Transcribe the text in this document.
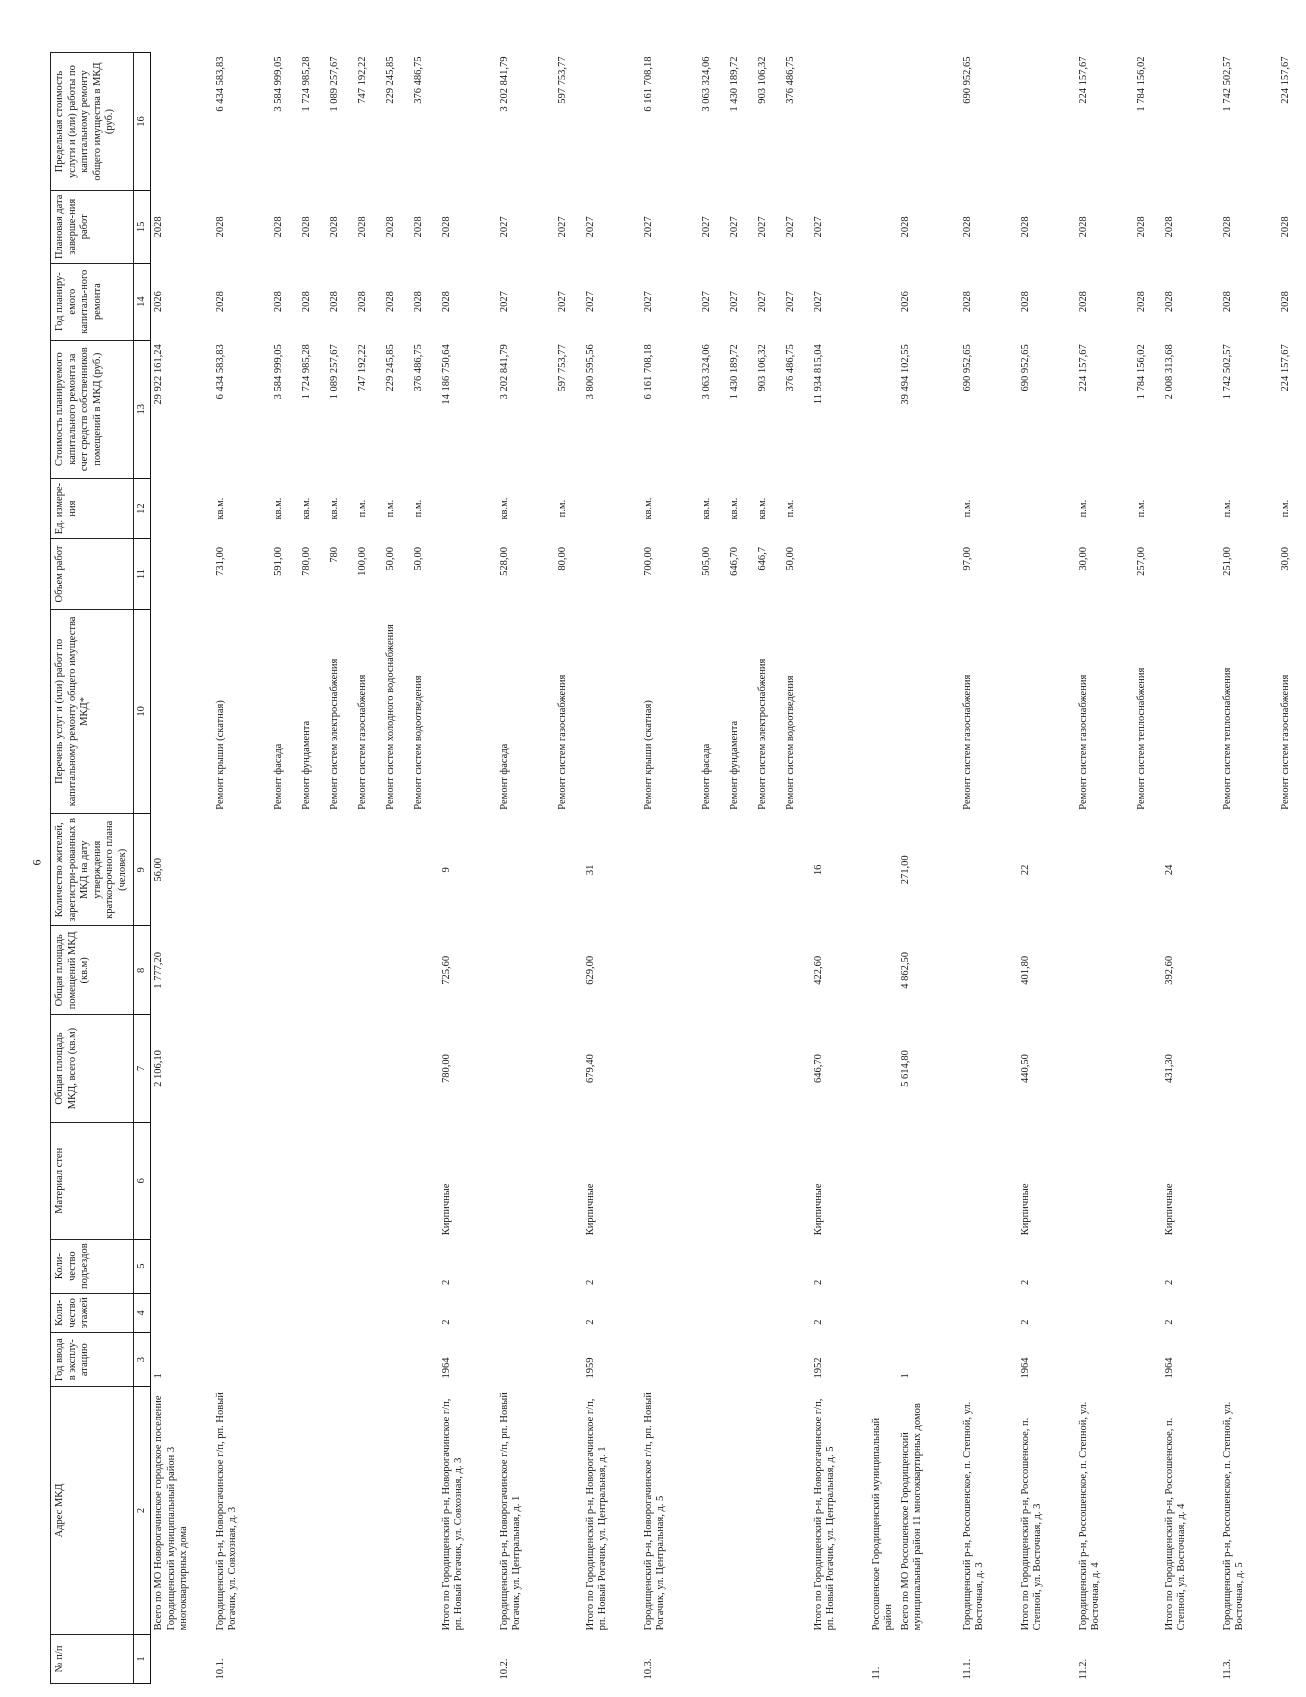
6
№ п/п	Адрес МКД	Год ввода в эксплу-атацию	Коли-чество этажей	Коли-чество подъездов	Материал стен	Общая площадь МКД, всего (кв.м)	Общая площадь помещений МКД (кв.м)	Количество жителей, зарегистри-рованных в МКД на дату утверждения краткосрочного плана (человек)	Перечень услуг и (или) работ по капитальному ремонту общего имущества МКД*	Объем работ	Ед. измере-ния	Стоимость планируемого капитального ремонта за счет средств собственников помещений в МКД (руб.)	Год планиру-емого капиталь-ного ремонта	Плановая дата заверше-ния работ	Предельная стоимость услуги и (или) работы по капитальному ремонту общего имущества в МКД (руб.)
1	2	3	4	5	6	7	8	9	10	11	12	13	14	15	16
	Всего по МО Новорогачинское городское поселение Городищенский муниципальный район 3 многоквартирных дома	1				2 106,10	1 777,20	56,00				29 922 161,24	2026	2028	
10.1.	Городищенский р-н, Новорогачинское г/п, рп. Новый Рогачик, ул. Совхозная, д. 3								Ремонт крыши (скатная)	731,00	кв.м.	6 434 583,83	2028	2028	6 434 583,83
									Ремонт фасада	591,00	кв.м.	3 584 999,05	2028	2028	3 584 999,05
									Ремонт фундамента	780,00	кв.м.	1 724 985,28	2028	2028	1 724 985,28
									Ремонт систем электроснабжения	780	кв.м.	1 089 257,67	2028	2028	1 089 257,67
									Ремонт систем газоснабжения	100,00	п.м.	747 192,22	2028	2028	747 192,22
									Ремонт систем холодного водоснабжения	50,00	п.м.	229 245,85	2028	2028	229 245,85
									Ремонт систем водоотведения	50,00	п.м.	376 486,75	2028	2028	376 486,75
	Итого по Городищенский р-н, Новорогачинское г/п, рп. Новый Рогачик, ул. Совхозная, д. 3	1964	2	2	Кирпичные	780,00	725,60	9				14 186 750,64	2028	2028	
10.2.	Городищенский р-н, Новорогачинское г/п, рп. Новый Рогачик, ул. Центральная, д. 1								Ремонт фасада	528,00	кв.м.	3 202 841,79	2027	2027	3 202 841,79
									Ремонт систем газоснабжения	80,00	п.м.	597 753,77	2027	2027	597 753,77
	Итого по Городищенский р-н, Новорогачинское г/п, рп. Новый Рогачик, ул. Центральная, д. 1	1959	2	2	Кирпичные	679,40	629,00	31				3 800 595,56	2027	2027	
10.3.	Городищенский р-н, Новорогачинское г/п, рп. Новый Рогачик, ул. Центральная, д. 5								Ремонт крыши (скатная)	700,00	кв.м.	6 161 708,18	2027	2027	6 161 708,18
									Ремонт фасада	505,00	кв.м.	3 063 324,06	2027	2027	3 063 324,06
									Ремонт фундамента	646,70	кв.м.	1 430 189,72	2027	2027	1 430 189,72
									Ремонт систем электроснабжения	646,7	кв.м.	903 106,32	2027	2027	903 106,32
									Ремонт систем водоотведения	50,00	п.м.	376 486,75	2027	2027	376 486,75
	Итого по Городищенский р-н, Новорогачинское г/п, рп. Новый Рогачик, ул. Центральная, д. 5	1952	2	2	Кирпичные	646,70	422,60	16				11 934 815,04	2027	2027	
11.	Россошенское Городищенский муниципальный район														
	Всего по МО Россошенское Городищенский муниципальный район 11 многоквартирных домов	1				5 614,80	4 862,50	271,00				39 494 102,55	2026	2028	
11.1.	Городищенский р-н, Россошенское, п. Степной, ул. Восточная, д. 3								Ремонт систем газоснабжения	97,00	п.м.	690 952,65	2028	2028	690 952,65
	Итого по Городищенский р-н, Россошенское, п. Степной, ул. Восточная, д. 3	1964	2	2	Кирпичные	440,50	401,80	22				690 952,65	2028	2028	
11.2.	Городищенский р-н, Россошенское, п. Степной, ул. Восточная, д. 4								Ремонт систем газоснабжения	30,00	п.м.	224 157,67	2028	2028	224 157,67
									Ремонт систем теплоснабжения	257,00	п.м.	1 784 156,02	2028	2028	1 784 156,02
	Итого по Городищенский р-н, Россошенское, п. Степной, ул. Восточная, д. 4	1964	2	2	Кирпичные	431,30	392,60	24				2 008 313,68	2028	2028	
11.3.	Городищенский р-н, Россошенское, п. Степной, ул. Восточная, д. 5								Ремонт систем теплоснабжения	251,00	п.м.	1 742 502,57	2028	2028	1 742 502,57
									Ремонт систем газоснабжения	30,00	п.м.	224 157,67	2028	2028	224 157,67
